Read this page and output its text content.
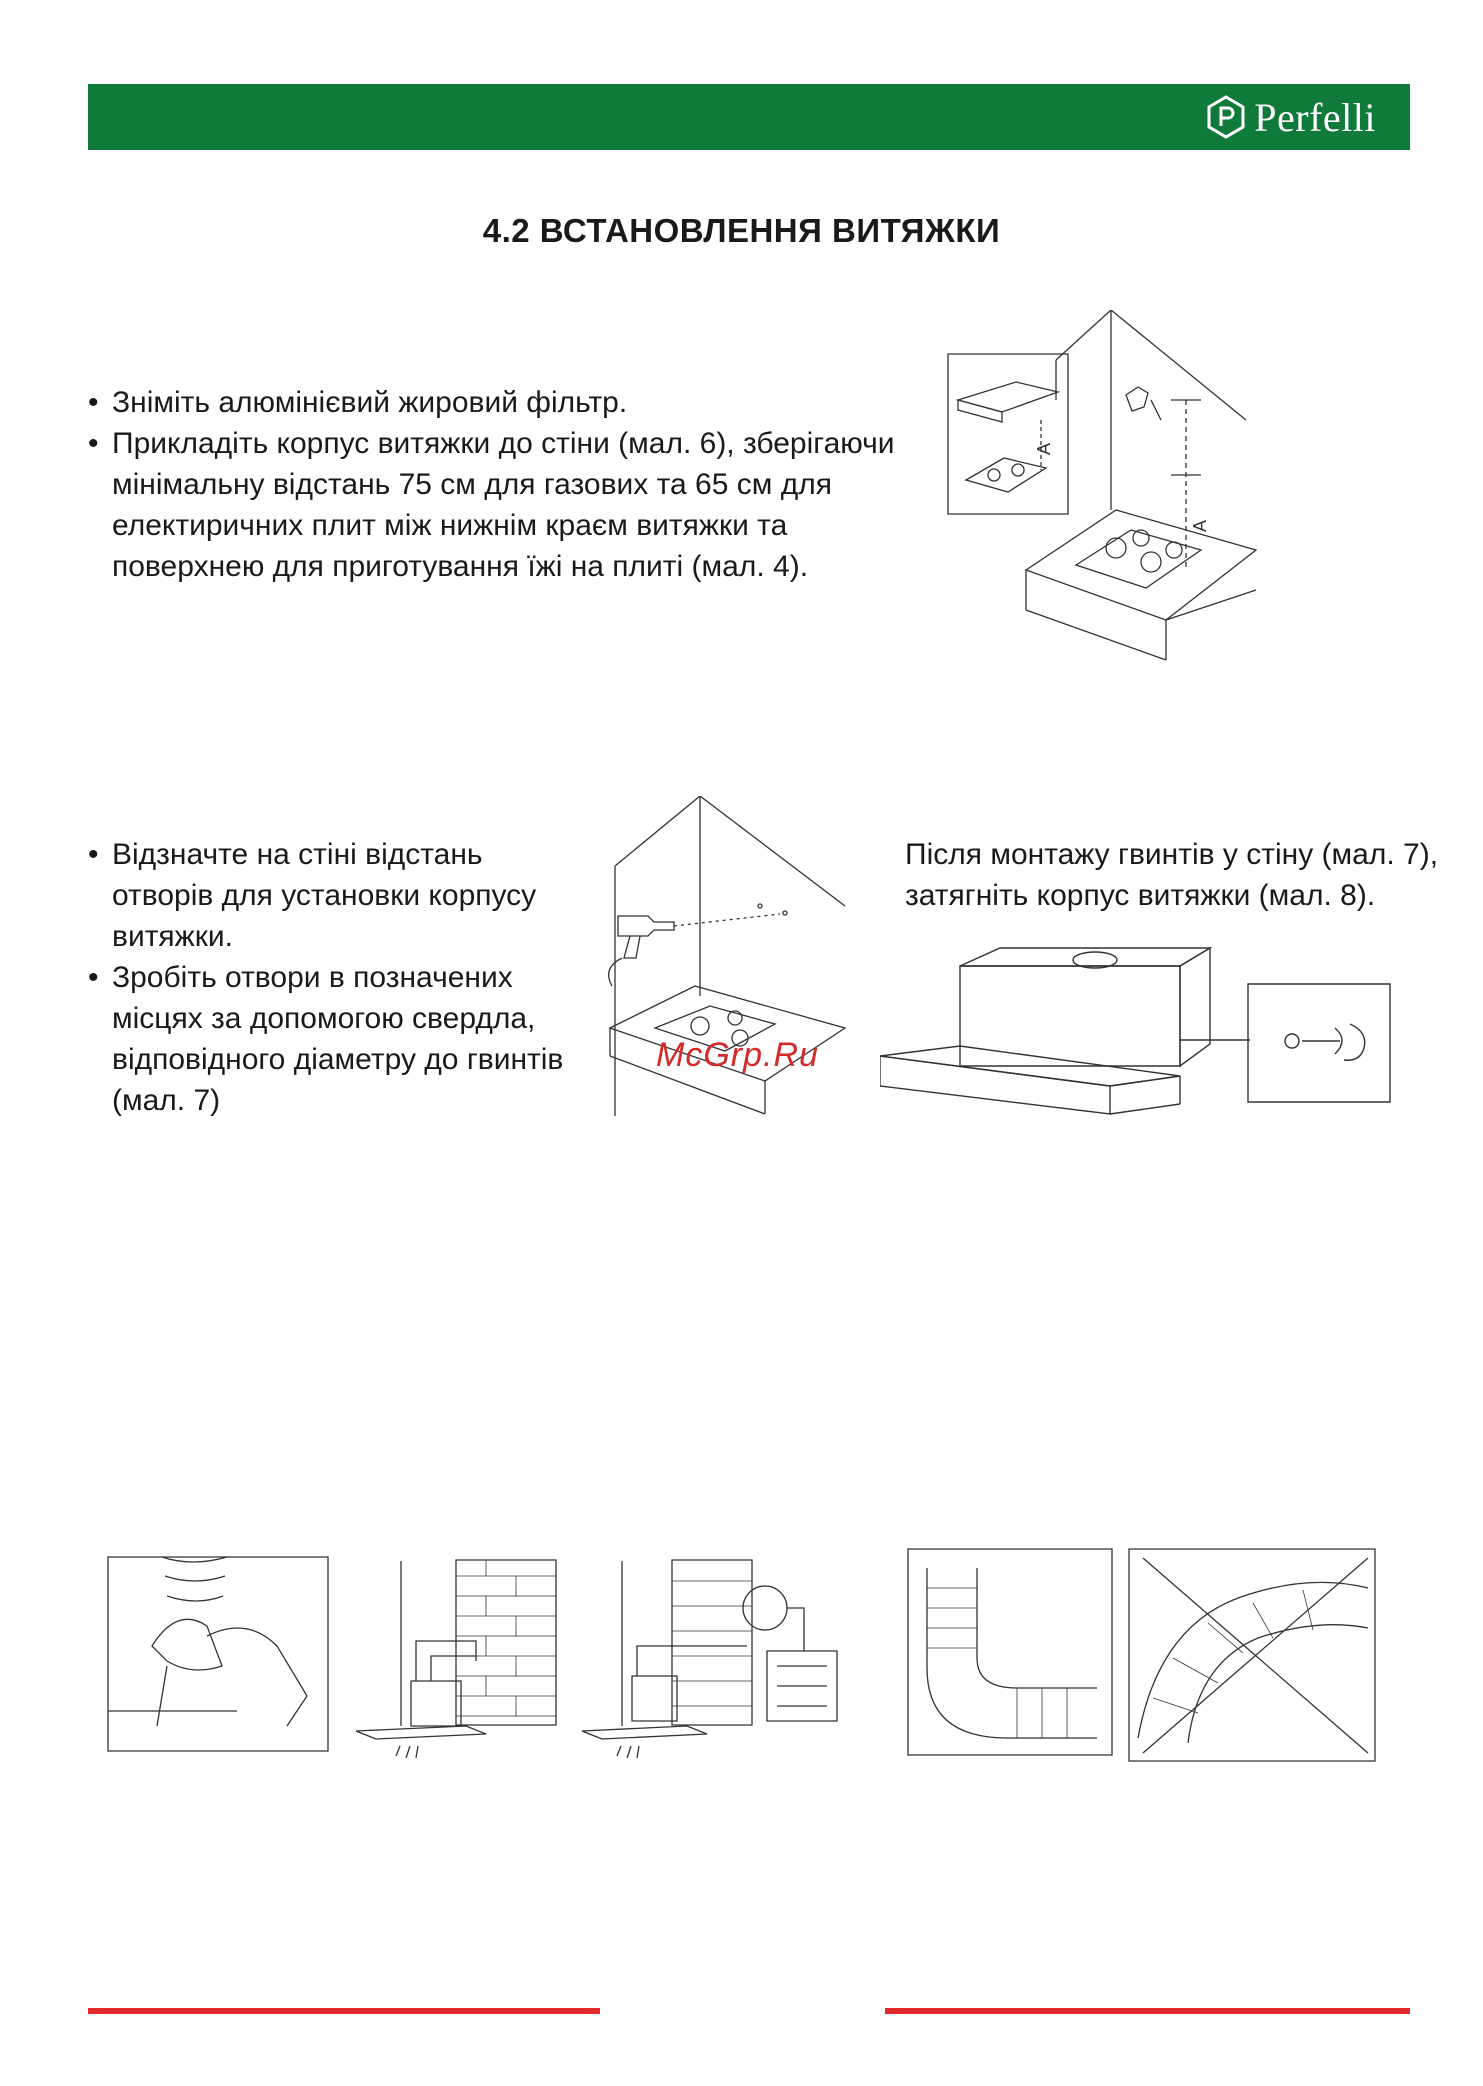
Perfelli
4.2 ВСТАНОВЛЕННЯ ВИТЯЖКИ
• Зніміть алюмінієвий жировий фільтр.
• Прикладіть корпус витяжки до стіни (мал. 6), зберігаючи мінімальну відстань 75 см для газових та 65 см для електиричних плит між нижнім краєм витяжки та поверхнею для приготування їжі на плиті (мал. 4).
A
A
• Відзначте на стіні відстань отворів для установки корпусу витяжки.
• Зробіть отвори в позначених місцях за допомогою свердла, відповідного діаметру до гвинтів (мал. 7)
Після монтажу гвинтів у стіну (мал. 7), затягніть корпус витяжки (мал. 8).
McGrp.Ru
